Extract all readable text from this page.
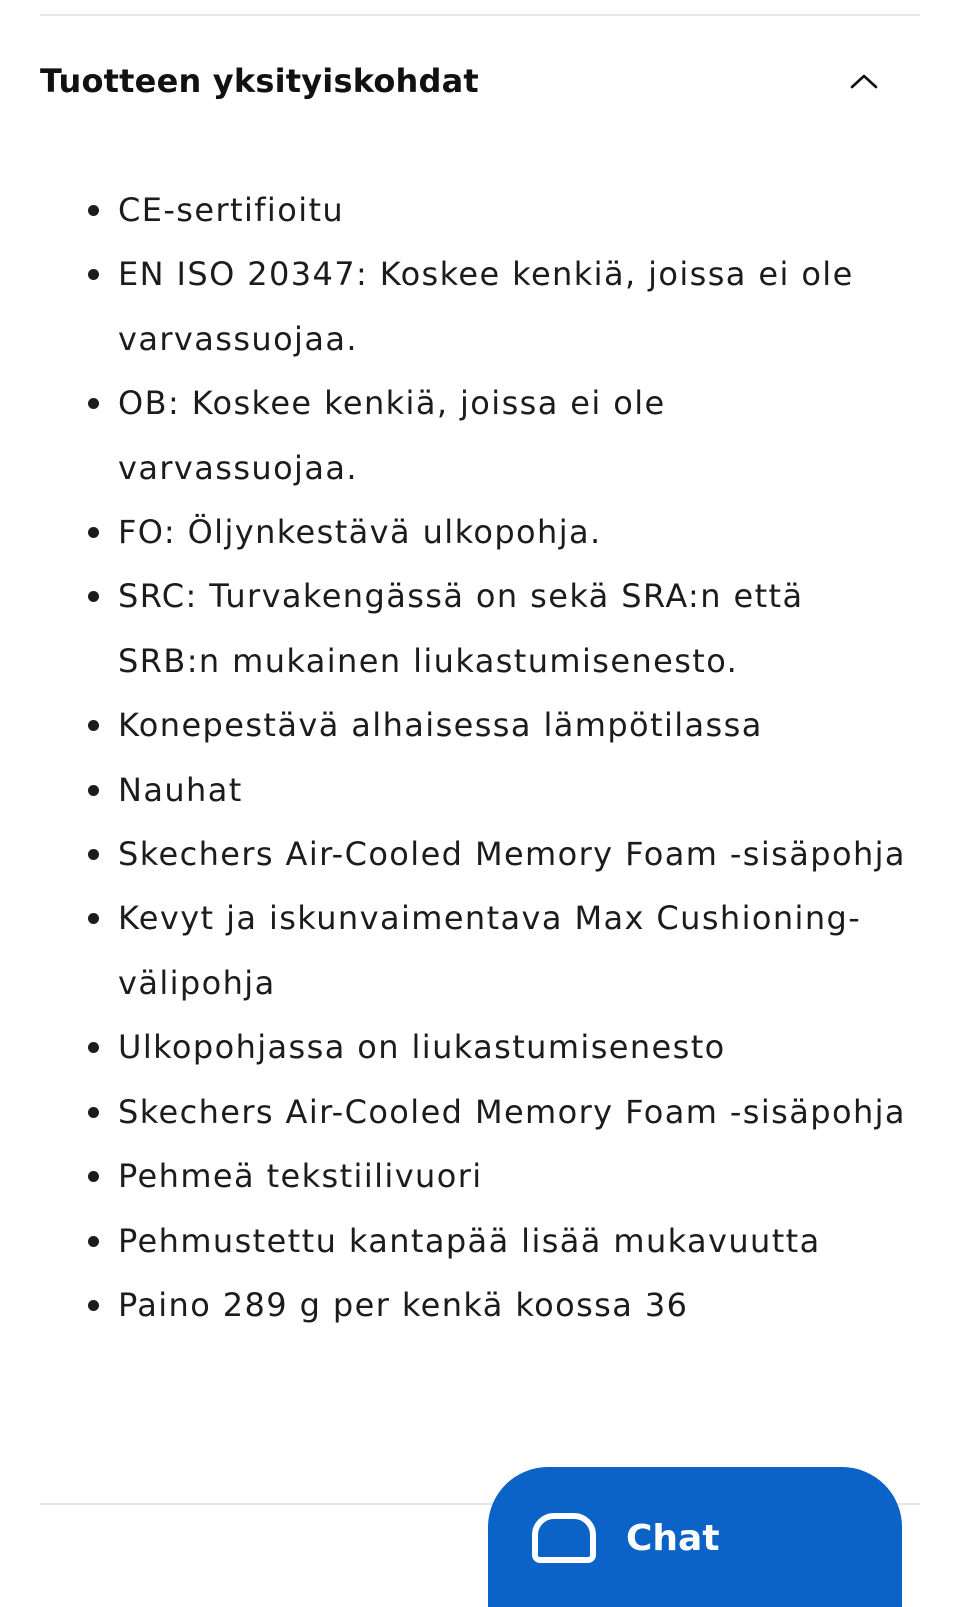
Tuotteen yksityiskohdat
CE-sertifioitu
EN ISO 20347: Koskee kenkiä, joissa ei ole varvassuojaa.
OB: Koskee kenkiä, joissa ei ole varvassuojaa.
FO: Öljynkestävä ulkopohja.
SRC: Turvakengässä on sekä SRA:n että SRB:n mukainen liukastumisenesto.
Konepestävä alhaisessa lämpötilassa
Nauhat
Skechers Air-Cooled Memory Foam -sisäpohja
Kevyt ja iskunvaimentava Max Cushioning-välipohja
Ulkopohjassa on liukastumisenesto
Skechers Air-Cooled Memory Foam -sisäpohja
Pehmeä tekstiilivuori
Pehmustettu kantapää lisää mukavuutta
Paino 289 g per kenkä koossa 36
Chat
